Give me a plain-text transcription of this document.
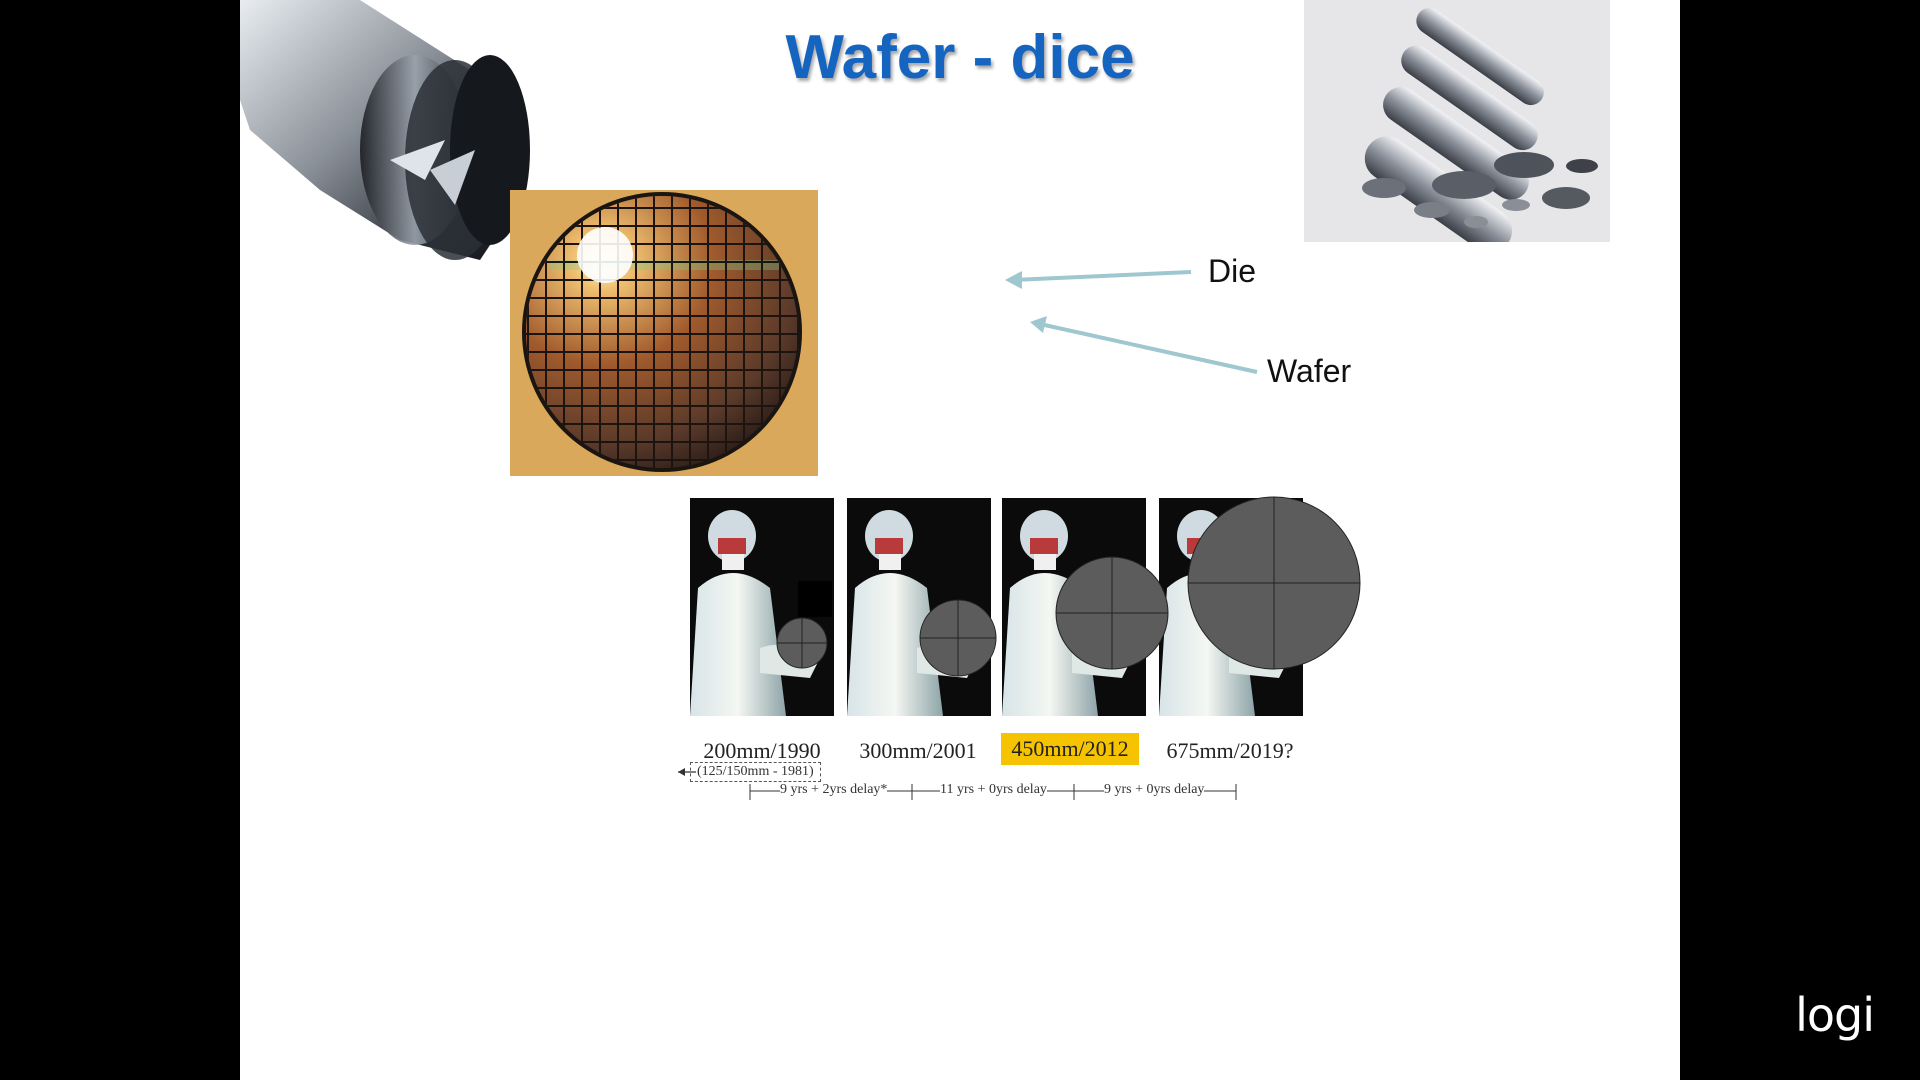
Wafer - dice
Die
Wafer
200mm/1990	300mm/2001	450mm/2012	675mm/2019?
(125/150mm - 1981)
9 yrs + 2yrs delay*	11 yrs + 0yrs delay	9 yrs + 0yrs delay
logi
